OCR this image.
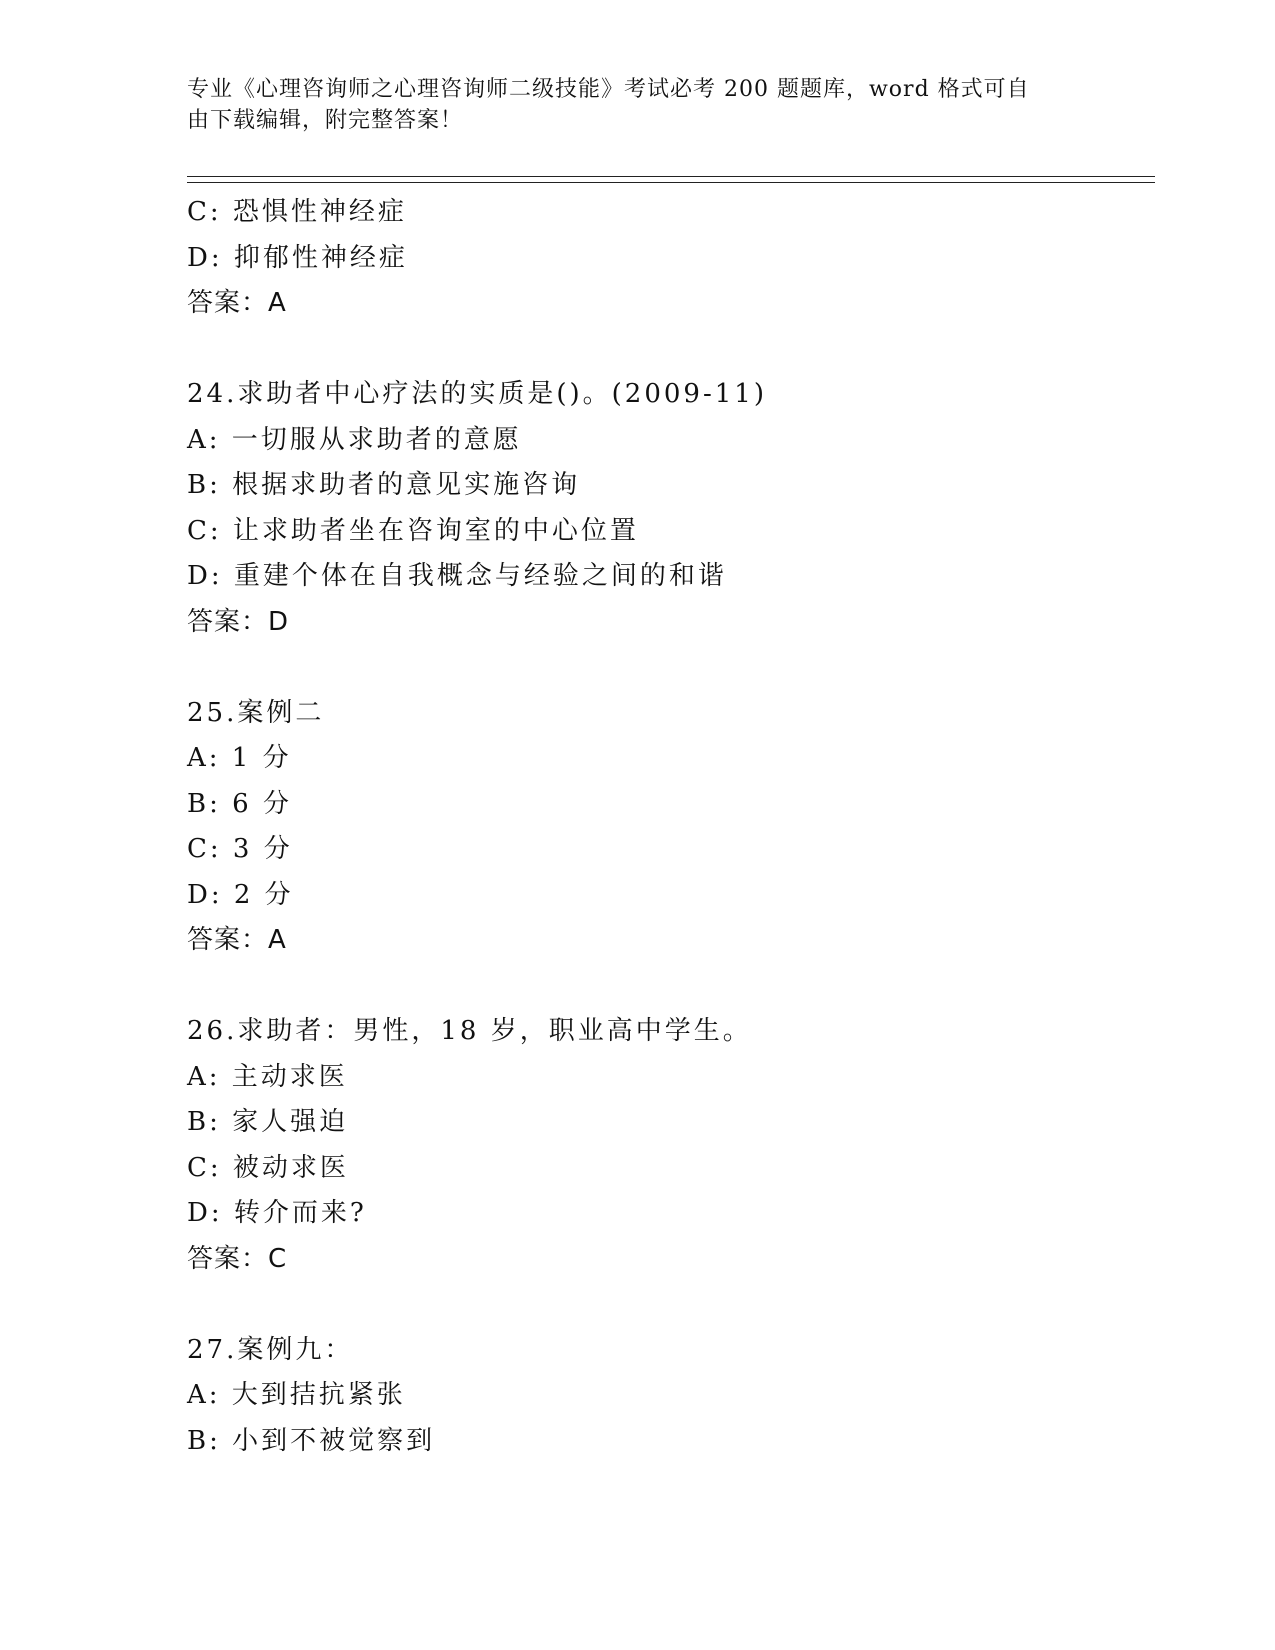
专业《心理咨询师之心理咨询师二级技能》考试必考 200 题题库，word 格式可自
由下载编辑，附完整答案！
C: 恐惧性神经症
D: 抑郁性神经症
答案：A
24.求助者中心疗法的实质是()。(2009-11)
A: 一切服从求助者的意愿
B: 根据求助者的意见实施咨询
C: 让求助者坐在咨询室的中心位置
D: 重建个体在自我概念与经验之间的和谐
答案：D
25.案例二
A: 1 分
B: 6 分
C: 3 分
D: 2 分
答案：A
26.求助者：男性，18 岁，职业高中学生。
A: 主动求医
B: 家人强迫
C: 被动求医
D: 转介而来?
答案：C
27.案例九：
A: 大到拮抗紧张
B: 小到不被觉察到
